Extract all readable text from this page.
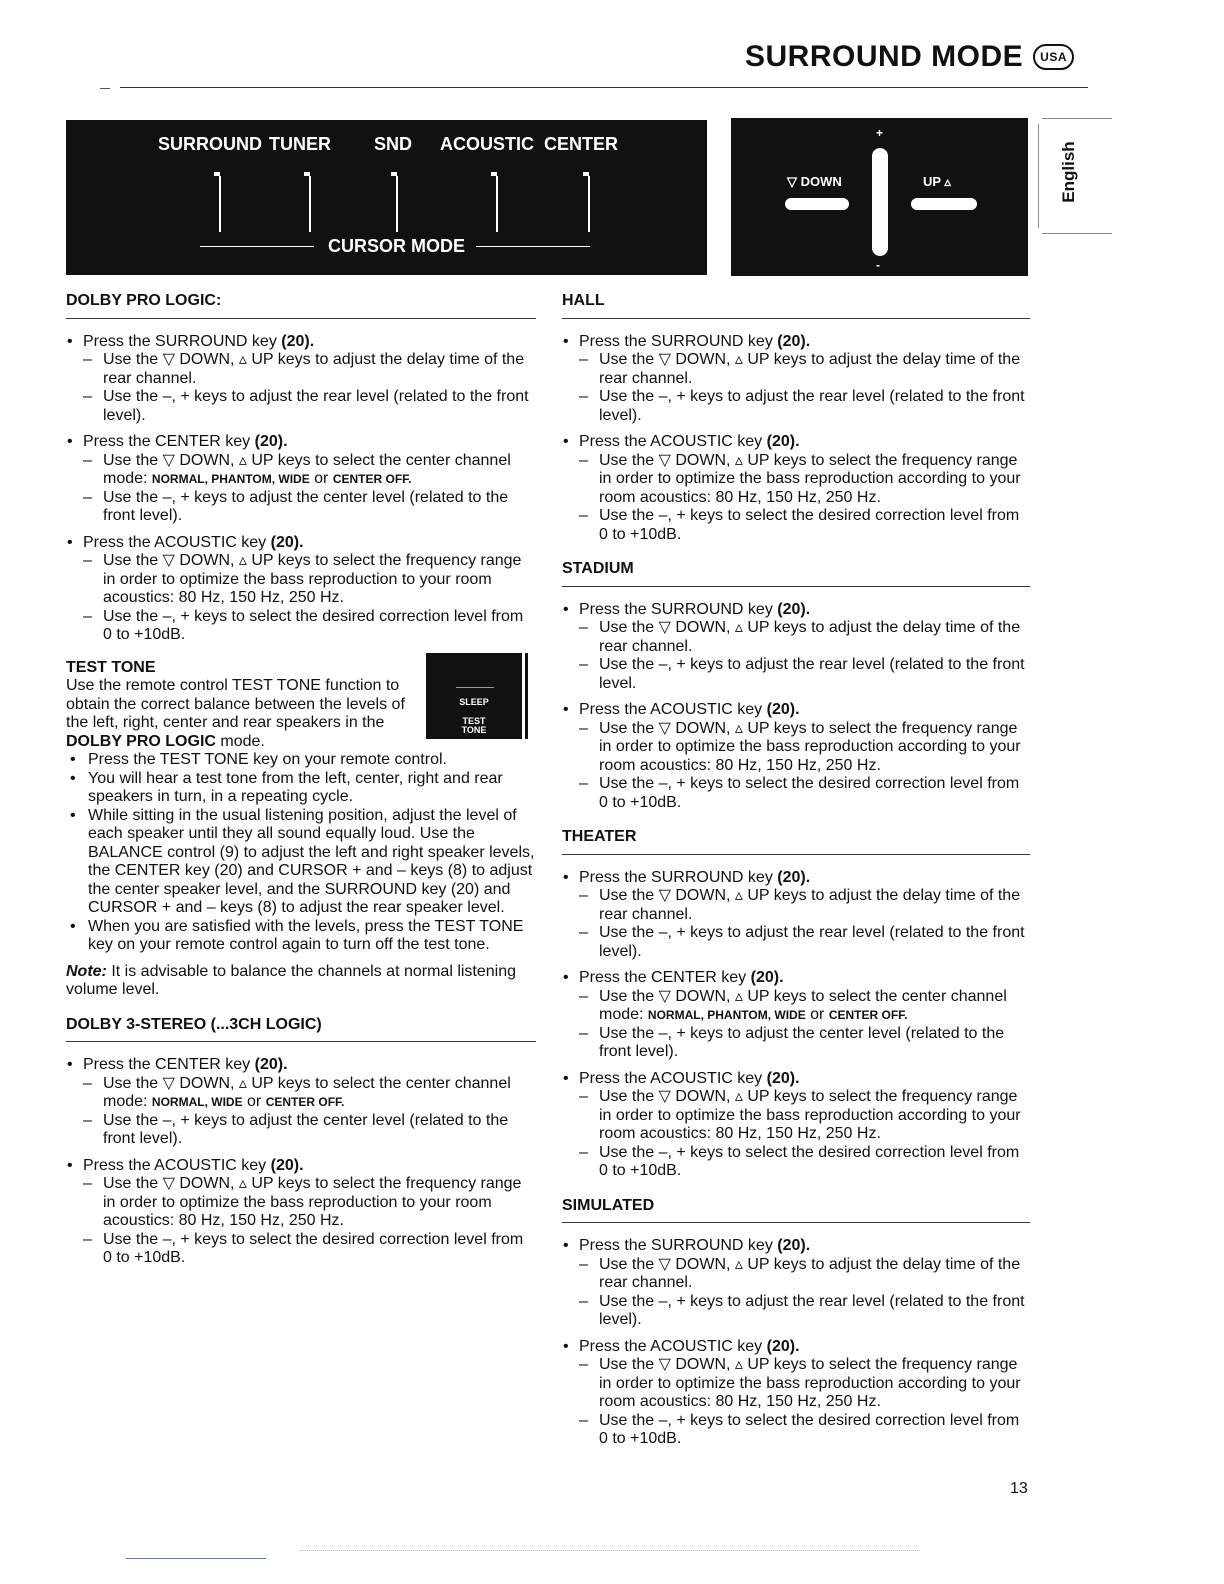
SURROUND MODE	USA
SURROUND TUNER SND ACOUSTIC CENTER
CURSOR MODE
+
-
▽ DOWN	UP ▵	English
DOLBY PRO LOGIC:
• Press the SURROUND key (20).
– Use the ▽ DOWN, ▵ UP keys to adjust the delay time of the rear channel.
– Use the –, + keys to adjust the rear level (related to the front level).
• Press the CENTER key (20).
– Use the ▽ DOWN, ▵ UP keys to select the center channel mode: NORMAL, PHANTOM, WIDE or CENTER OFF.
– Use the –, + keys to adjust the center level (related to the front level).
• Press the ACOUSTIC key (20).
– Use the ▽ DOWN, ▵ UP keys to select the frequency range in order to optimize the bass reproduction to your room acoustics: 80 Hz, 150 Hz, 250 Hz.
– Use the –, + keys to select the desired correction level from 0 to +10dB.
SLEEP
TEST
TONE
TEST TONE
Use the remote control TEST TONE function to obtain the correct balance between the levels of the left, right, center and rear speakers in the DOLBY PRO LOGIC mode.
• Press the TEST TONE key on your remote control.
• You will hear a test tone from the left, center, right and rear speakers in turn, in a repeating cycle.
• While sitting in the usual listening position, adjust the level of each speaker until they all sound equally loud. Use the BALANCE control (9) to adjust the left and right speaker levels, the CENTER key (20) and CURSOR + and – keys (8) to adjust the center speaker level, and the SURROUND key (20) and CURSOR + and – keys (8) to adjust the rear speaker level.
• When you are satisfied with the levels, press the TEST TONE key on your remote control again to turn off the test tone.
Note: It is advisable to balance the channels at normal listening volume level.
DOLBY 3-STEREO (...3CH LOGIC)
• Press the CENTER key (20).
– Use the ▽ DOWN, ▵ UP keys to select the center channel mode: NORMAL, WIDE or CENTER OFF.
– Use the –, + keys to adjust the center level (related to the front level).
• Press the ACOUSTIC key (20).
– Use the ▽ DOWN, ▵ UP keys to select the frequency range in order to optimize the bass reproduction to your room acoustics: 80 Hz, 150 Hz, 250 Hz.
– Use the –, + keys to select the desired correction level from 0 to +10dB.
HALL
• Press the SURROUND key (20).
– Use the ▽ DOWN, ▵ UP keys to adjust the delay time of the rear channel.
– Use the –, + keys to adjust the rear level (related to the front level).
• Press the ACOUSTIC key (20).
– Use the ▽ DOWN, ▵ UP keys to select the frequency range in order to optimize the bass reproduction according to your room acoustics: 80 Hz, 150 Hz, 250 Hz.
– Use the –, + keys to select the desired correction level from 0 to +10dB.
STADIUM
• Press the SURROUND key (20).
– Use the ▽ DOWN, ▵ UP keys to adjust the delay time of the rear channel.
– Use the –, + keys to adjust the rear level (related to the front level.
• Press the ACOUSTIC key (20).
– Use the ▽ DOWN, ▵ UP keys to select the frequency range in order to optimize the bass reproduction according to your room acoustics: 80 Hz, 150 Hz, 250 Hz.
– Use the –, + keys to select the desired correction level from 0 to +10dB.
THEATER
• Press the SURROUND key (20).
– Use the ▽ DOWN, ▵ UP keys to adjust the delay time of the rear channel.
– Use the –, + keys to adjust the rear level (related to the front level).
• Press the CENTER key (20).
– Use the ▽ DOWN, ▵ UP keys to select the center channel mode: NORMAL, PHANTOM, WIDE or CENTER OFF.
– Use the –, + keys to adjust the center level (related to the front level).
• Press the ACOUSTIC key (20).
– Use the ▽ DOWN, ▵ UP keys to select the frequency range in order to optimize the bass reproduction according to your room acoustics: 80 Hz, 150 Hz, 250 Hz.
– Use the –, + keys to select the desired correction level from 0 to +10dB.
SIMULATED
• Press the SURROUND key (20).
– Use the ▽ DOWN, ▵ UP keys to adjust the delay time of the rear channel.
– Use the –, + keys to adjust the rear level (related to the front level).
• Press the ACOUSTIC key (20).
– Use the ▽ DOWN, ▵ UP keys to select the frequency range in order to optimize the bass reproduction according to your room acoustics: 80 Hz, 150 Hz, 250 Hz.
– Use the –, + keys to select the desired correction level from 0 to +10dB.
13
